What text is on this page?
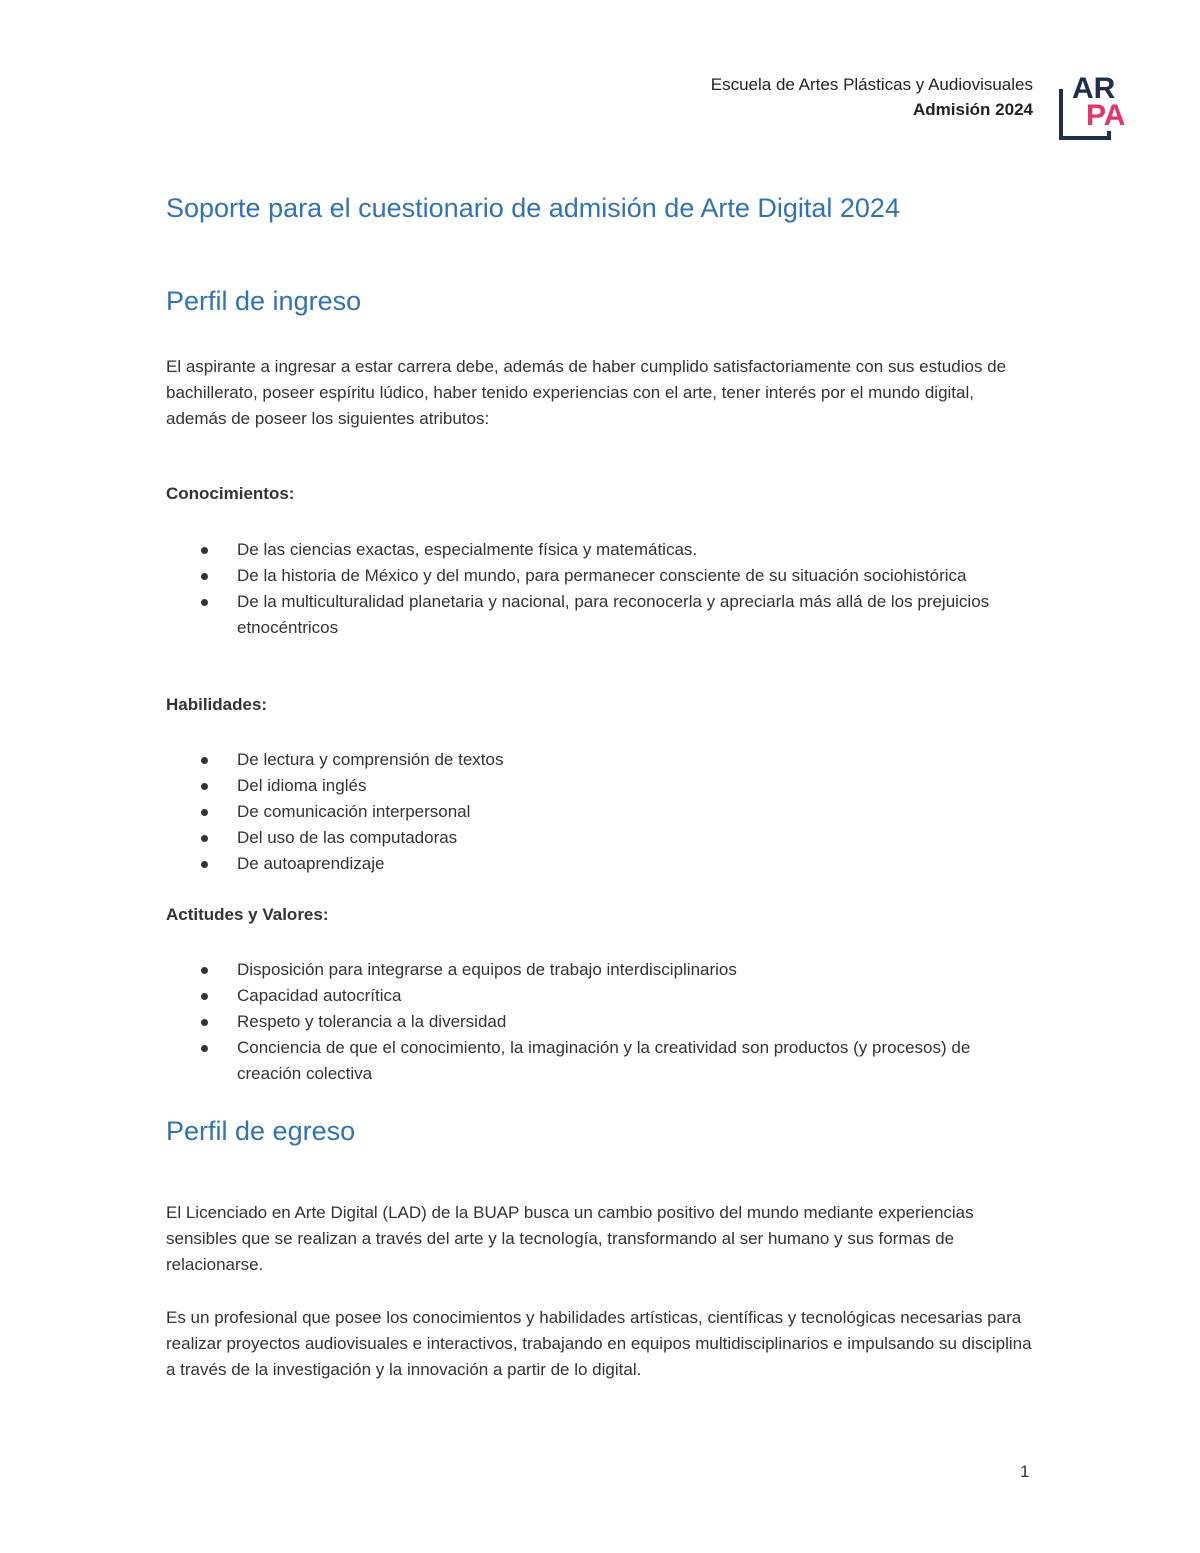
Escuela de Artes Plásticas y Audiovisuales
Admisión 2024
AR
PA
Soporte para el cuestionario de admisión de Arte Digital 2024
Perfil de ingreso

El aspirante a ingresar a estar carrera debe, además de haber cumplido satisfactoriamente con sus estudios de bachillerato, poseer espíritu lúdico, haber tenido experiencias con el arte, tener interés por el mundo digital, además de poseer los siguientes atributos:

Conocimientos:
De las ciencias exactas, especialmente física y matemáticas.
De la historia de México y del mundo, para permanecer consciente de su situación sociohistórica
De la multiculturalidad planetaria y nacional, para reconocerla y apreciarla más allá de los prejuicios etnocéntricos
Habilidades:
De lectura y comprensión de textos
Del idioma inglés
De comunicación interpersonal
Del uso de las computadoras
De autoaprendizaje
Actitudes y Valores:
Disposición para integrarse a equipos de trabajo interdisciplinarios
Capacidad autocrítica
Respeto y tolerancia a la diversidad
Conciencia de que el conocimiento, la imaginación y la creatividad son productos (y procesos) de creación colectiva
Perfil de egreso

El Licenciado en Arte Digital (LAD) de la BUAP busca un cambio positivo del mundo mediante experiencias sensibles que se realizan a través del arte y la tecnología, transformando al ser humano y sus formas de relacionarse.

Es un profesional que posee los conocimientos y habilidades artísticas, científicas y tecnológicas necesarias para realizar proyectos audiovisuales e interactivos, trabajando en equipos multidisciplinarios e impulsando su disciplina a través de la investigación y la innovación a partir de lo digital.

1
